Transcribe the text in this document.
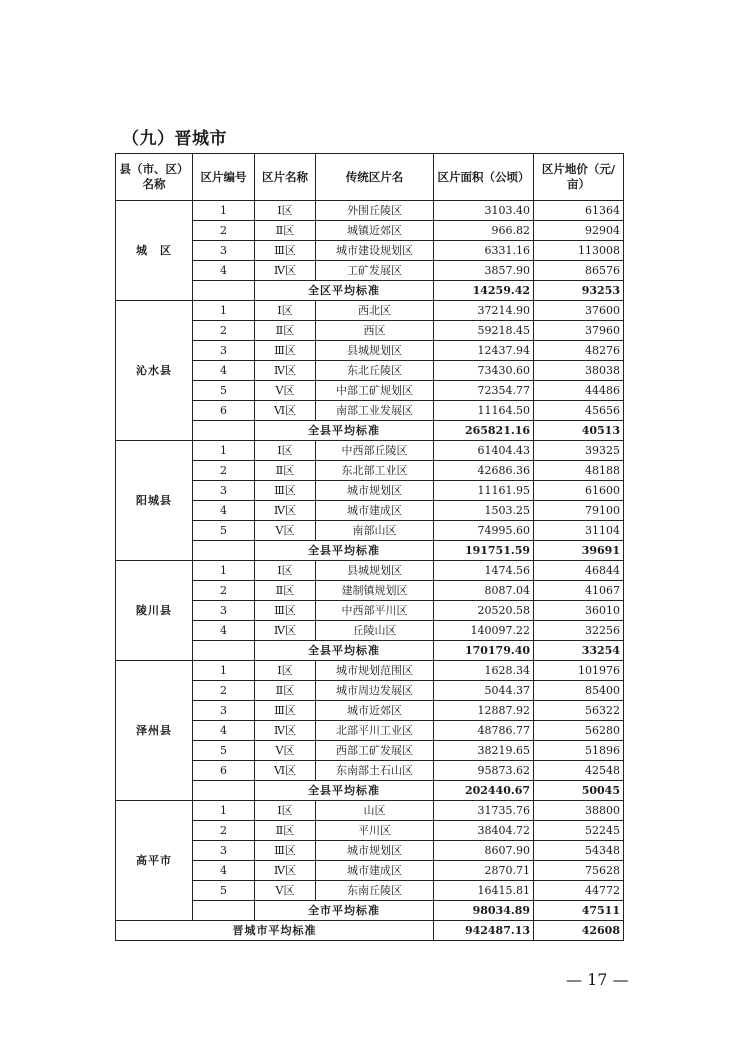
（九）晋城市
县（市、区）名称	区片编号	区片名称	传统区片名	区片面积（公顷）	区片地价（元/亩）
城　区	1	Ⅰ区	外围丘陵区	3103.40	61364
	2	Ⅱ区	城镇近郊区	966.82	92904
	3	Ⅲ区	城市建设规划区	6331.16	113008
	4	Ⅳ区	工矿发展区	3857.90	86576
		全区平均标准		14259.42	93253
沁水县	1	Ⅰ区	西北区	37214.90	37600
	2	Ⅱ区	西区	59218.45	37960
	3	Ⅲ区	县城规划区	12437.94	48276
	4	Ⅳ区	东北丘陵区	73430.60	38038
	5	Ⅴ区	中部工矿规划区	72354.77	44486
	6	Ⅵ区	南部工业发展区	11164.50	45656
		全县平均标准		265821.16	40513
阳城县	1	Ⅰ区	中西部丘陵区	61404.43	39325
	2	Ⅱ区	东北部工业区	42686.36	48188
	3	Ⅲ区	城市规划区	11161.95	61600
	4	Ⅳ区	城市建成区	1503.25	79100
	5	Ⅴ区	南部山区	74995.60	31104
		全县平均标准		191751.59	39691
陵川县	1	Ⅰ区	县城规划区	1474.56	46844
	2	Ⅱ区	建制镇规划区	8087.04	41067
	3	Ⅲ区	中西部平川区	20520.58	36010
	4	Ⅳ区	丘陵山区	140097.22	32256
		全县平均标准		170179.40	33254
泽州县	1	Ⅰ区	城市规划范围区	1628.34	101976
	2	Ⅱ区	城市周边发展区	5044.37	85400
	3	Ⅲ区	城市近郊区	12887.92	56322
	4	Ⅳ区	北部平川工业区	48786.77	56280
	5	Ⅴ区	西部工矿发展区	38219.65	51896
	6	Ⅵ区	东南部土石山区	95873.62	42548
		全县平均标准		202440.67	50045
高平市	1	Ⅰ区	山区	31735.76	38800
	2	Ⅱ区	平川区	38404.72	52245
	3	Ⅲ区	城市规划区	8607.90	54348
	4	Ⅳ区	城市建成区	2870.71	75628
	5	Ⅴ区	东南丘陵区	16415.81	44772
		全市平均标准		98034.89	47511
晋城市平均标准				942487.13	42608
— 17 —
